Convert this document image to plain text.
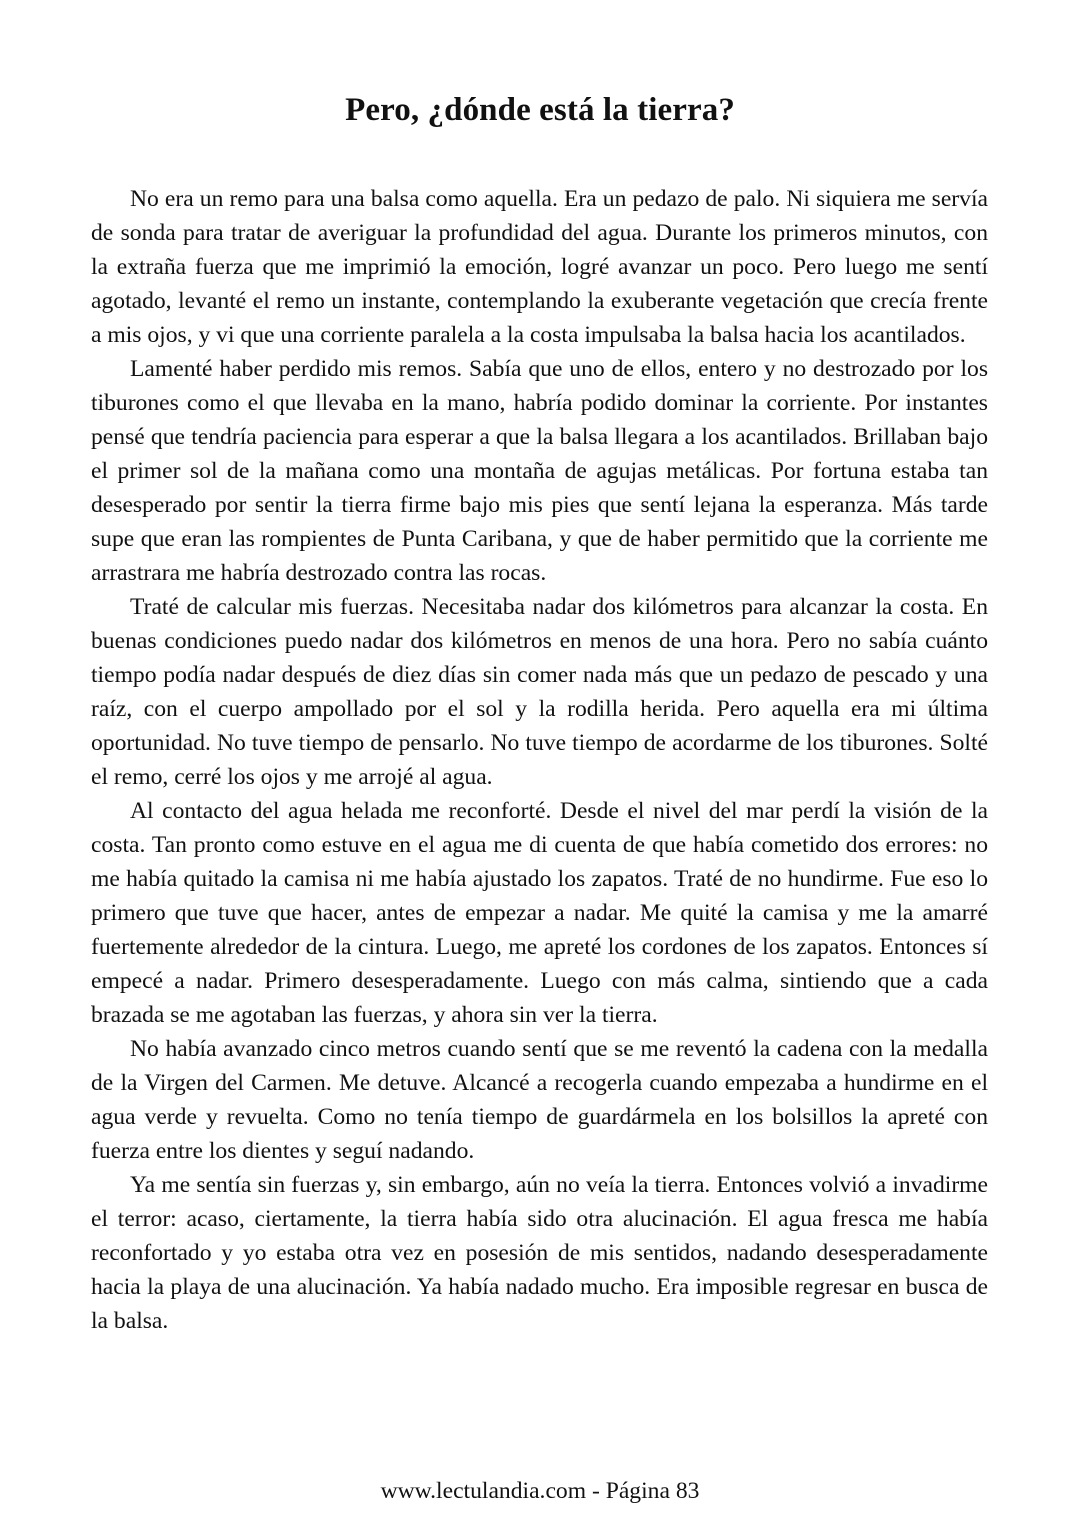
Pero, ¿dónde está la tierra?

No era un remo para una balsa como aquella. Era un pedazo de palo. Ni siquiera me servía de sonda para tratar de averiguar la profundidad del agua. Durante los primeros minutos, con la extraña fuerza que me imprimió la emoción, logré avanzar un poco. Pero luego me sentí agotado, levanté el remo un instante, contemplando la exuberante vegetación que crecía frente a mis ojos, y vi que una corriente paralela a la costa impulsaba la balsa hacia los acantilados.

Lamenté haber perdido mis remos. Sabía que uno de ellos, entero y no destrozado por los tiburones como el que llevaba en la mano, habría podido dominar la corriente. Por instantes pensé que tendría paciencia para esperar a que la balsa llegara a los acantilados. Brillaban bajo el primer sol de la mañana como una montaña de agujas metálicas. Por fortuna estaba tan desesperado por sentir la tierra firme bajo mis pies que sentí lejana la esperanza. Más tarde supe que eran las rompientes de Punta Caribana, y que de haber permitido que la corriente me arrastrara me habría destrozado contra las rocas.

Traté de calcular mis fuerzas. Necesitaba nadar dos kilómetros para alcanzar la costa. En buenas condiciones puedo nadar dos kilómetros en menos de una hora. Pero no sabía cuánto tiempo podía nadar después de diez días sin comer nada más que un pedazo de pescado y una raíz, con el cuerpo ampollado por el sol y la rodilla herida. Pero aquella era mi última oportunidad. No tuve tiempo de pensarlo. No tuve tiempo de acordarme de los tiburones. Solté el remo, cerré los ojos y me arrojé al agua.

Al contacto del agua helada me reconforté. Desde el nivel del mar perdí la visión de la costa. Tan pronto como estuve en el agua me di cuenta de que había cometido dos errores: no me había quitado la camisa ni me había ajustado los zapatos. Traté de no hundirme. Fue eso lo primero que tuve que hacer, antes de empezar a nadar. Me quité la camisa y me la amarré fuertemente alrededor de la cintura. Luego, me apreté los cordones de los zapatos. Entonces sí empecé a nadar. Primero desesperadamente. Luego con más calma, sintiendo que a cada brazada se me agotaban las fuerzas, y ahora sin ver la tierra.

No había avanzado cinco metros cuando sentí que se me reventó la cadena con la medalla de la Virgen del Carmen. Me detuve. Alcancé a recogerla cuando empezaba a hundirme en el agua verde y revuelta. Como no tenía tiempo de guardármela en los bolsillos la apreté con fuerza entre los dientes y seguí nadando.

Ya me sentía sin fuerzas y, sin embargo, aún no veía la tierra. Entonces volvió a invadirme el terror: acaso, ciertamente, la tierra había sido otra alucinación. El agua fresca me había reconfortado y yo estaba otra vez en posesión de mis sentidos, nadando desesperadamente hacia la playa de una alucinación. Ya había nadado mucho. Era imposible regresar en busca de la balsa.

www.lectulandia.com - Página 83
